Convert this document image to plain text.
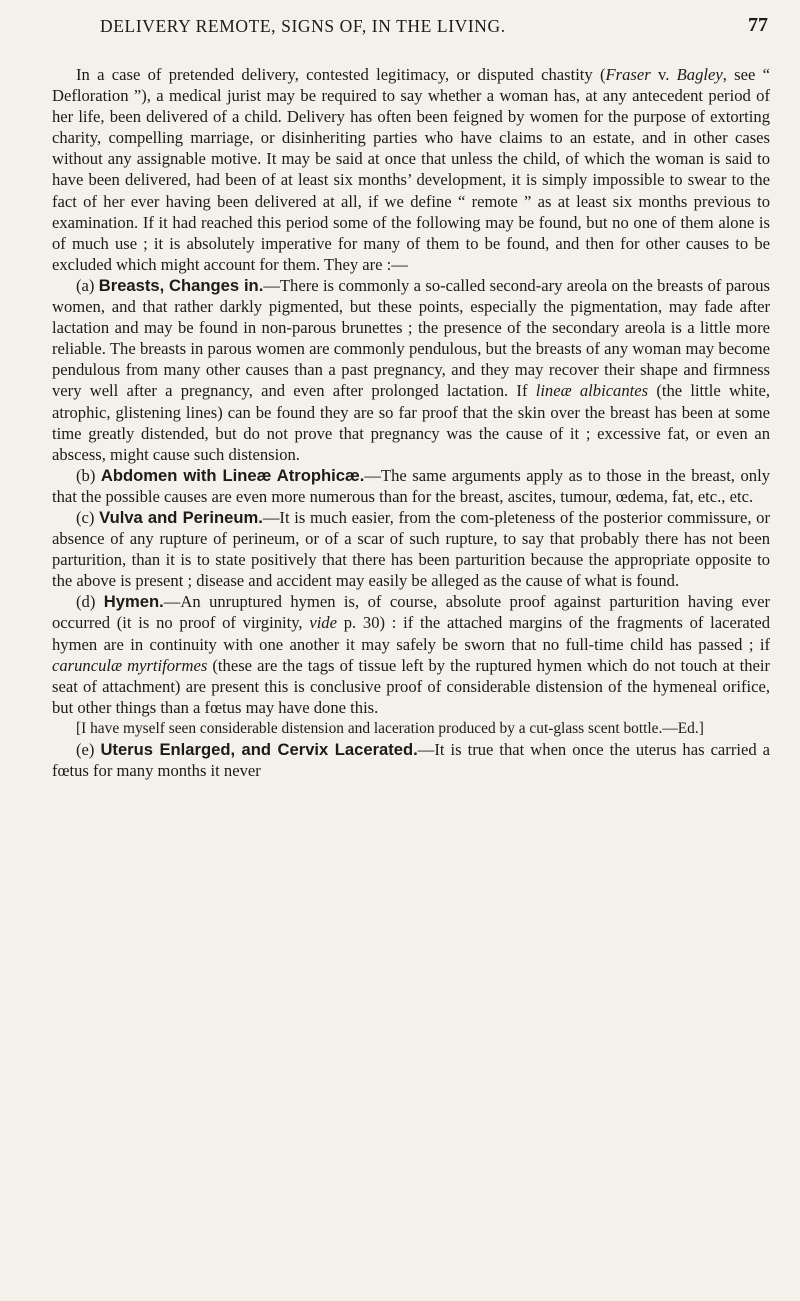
DELIVERY REMOTE, SIGNS OF, IN THE LIVING.	77

In a case of pretended delivery, contested legitimacy, or disputed chastity (Fraser v. Bagley, see “ Defloration ”), a medical jurist may be required to say whether a woman has, at any antecedent period of her life, been delivered of a child. Delivery has often been feigned by women for the purpose of extorting charity, compelling marriage, or disinheriting parties who have claims to an estate, and in other cases without any assignable motive. It may be said at once that unless the child, of which the woman is said to have been delivered, had been of at least six months’ development, it is simply impossible to swear to the fact of her ever having been delivered at all, if we define “ remote ” as at least six months previous to examination. If it had reached this period some of the following may be found, but no one of them alone is of much use ; it is absolutely imperative for many of them to be found, and then for other causes to be excluded which might account for them. They are :—

(a) Breasts, Changes in.—There is commonly a so-called second-ary areola on the breasts of parous women, and that rather darkly pigmented, but these points, especially the pigmentation, may fade after lactation and may be found in non-parous brunettes ; the presence of the secondary areola is a little more reliable. The breasts in parous women are commonly pendulous, but the breasts of any woman may become pendulous from many other causes than a past pregnancy, and they may recover their shape and firmness very well after a pregnancy, and even after prolonged lactation. If lineæ albicantes (the little white, atrophic, glistening lines) can be found they are so far proof that the skin over the breast has been at some time greatly distended, but do not prove that pregnancy was the cause of it ; excessive fat, or even an abscess, might cause such distension.

(b) Abdomen with Lineæ Atrophicæ.—The same arguments apply as to those in the breast, only that the possible causes are even more numerous than for the breast, ascites, tumour, œdema, fat, etc., etc.

(c) Vulva and Perineum.—It is much easier, from the com-pleteness of the posterior commissure, or absence of any rupture of perineum, or of a scar of such rupture, to say that probably there has not been parturition, than it is to state positively that there has been parturition because the appropriate opposite to the above is present ; disease and accident may easily be alleged as the cause of what is found.

(d) Hymen.—An unruptured hymen is, of course, absolute proof against parturition having ever occurred (it is no proof of virginity, vide p. 30) : if the attached margins of the fragments of lacerated hymen are in continuity with one another it may safely be sworn that no full-time child has passed ; if carunculæ myrtiformes (these are the tags of tissue left by the ruptured hymen which do not touch at their seat of attachment) are present this is conclusive proof of considerable distension of the hymeneal orifice, but other things than a fœtus may have done this.

[I have myself seen considerable distension and laceration produced by a cut-glass scent bottle.—Ed.]

(e) Uterus Enlarged, and Cervix Lacerated.—It is true that when once the uterus has carried a fœtus for many months it never
